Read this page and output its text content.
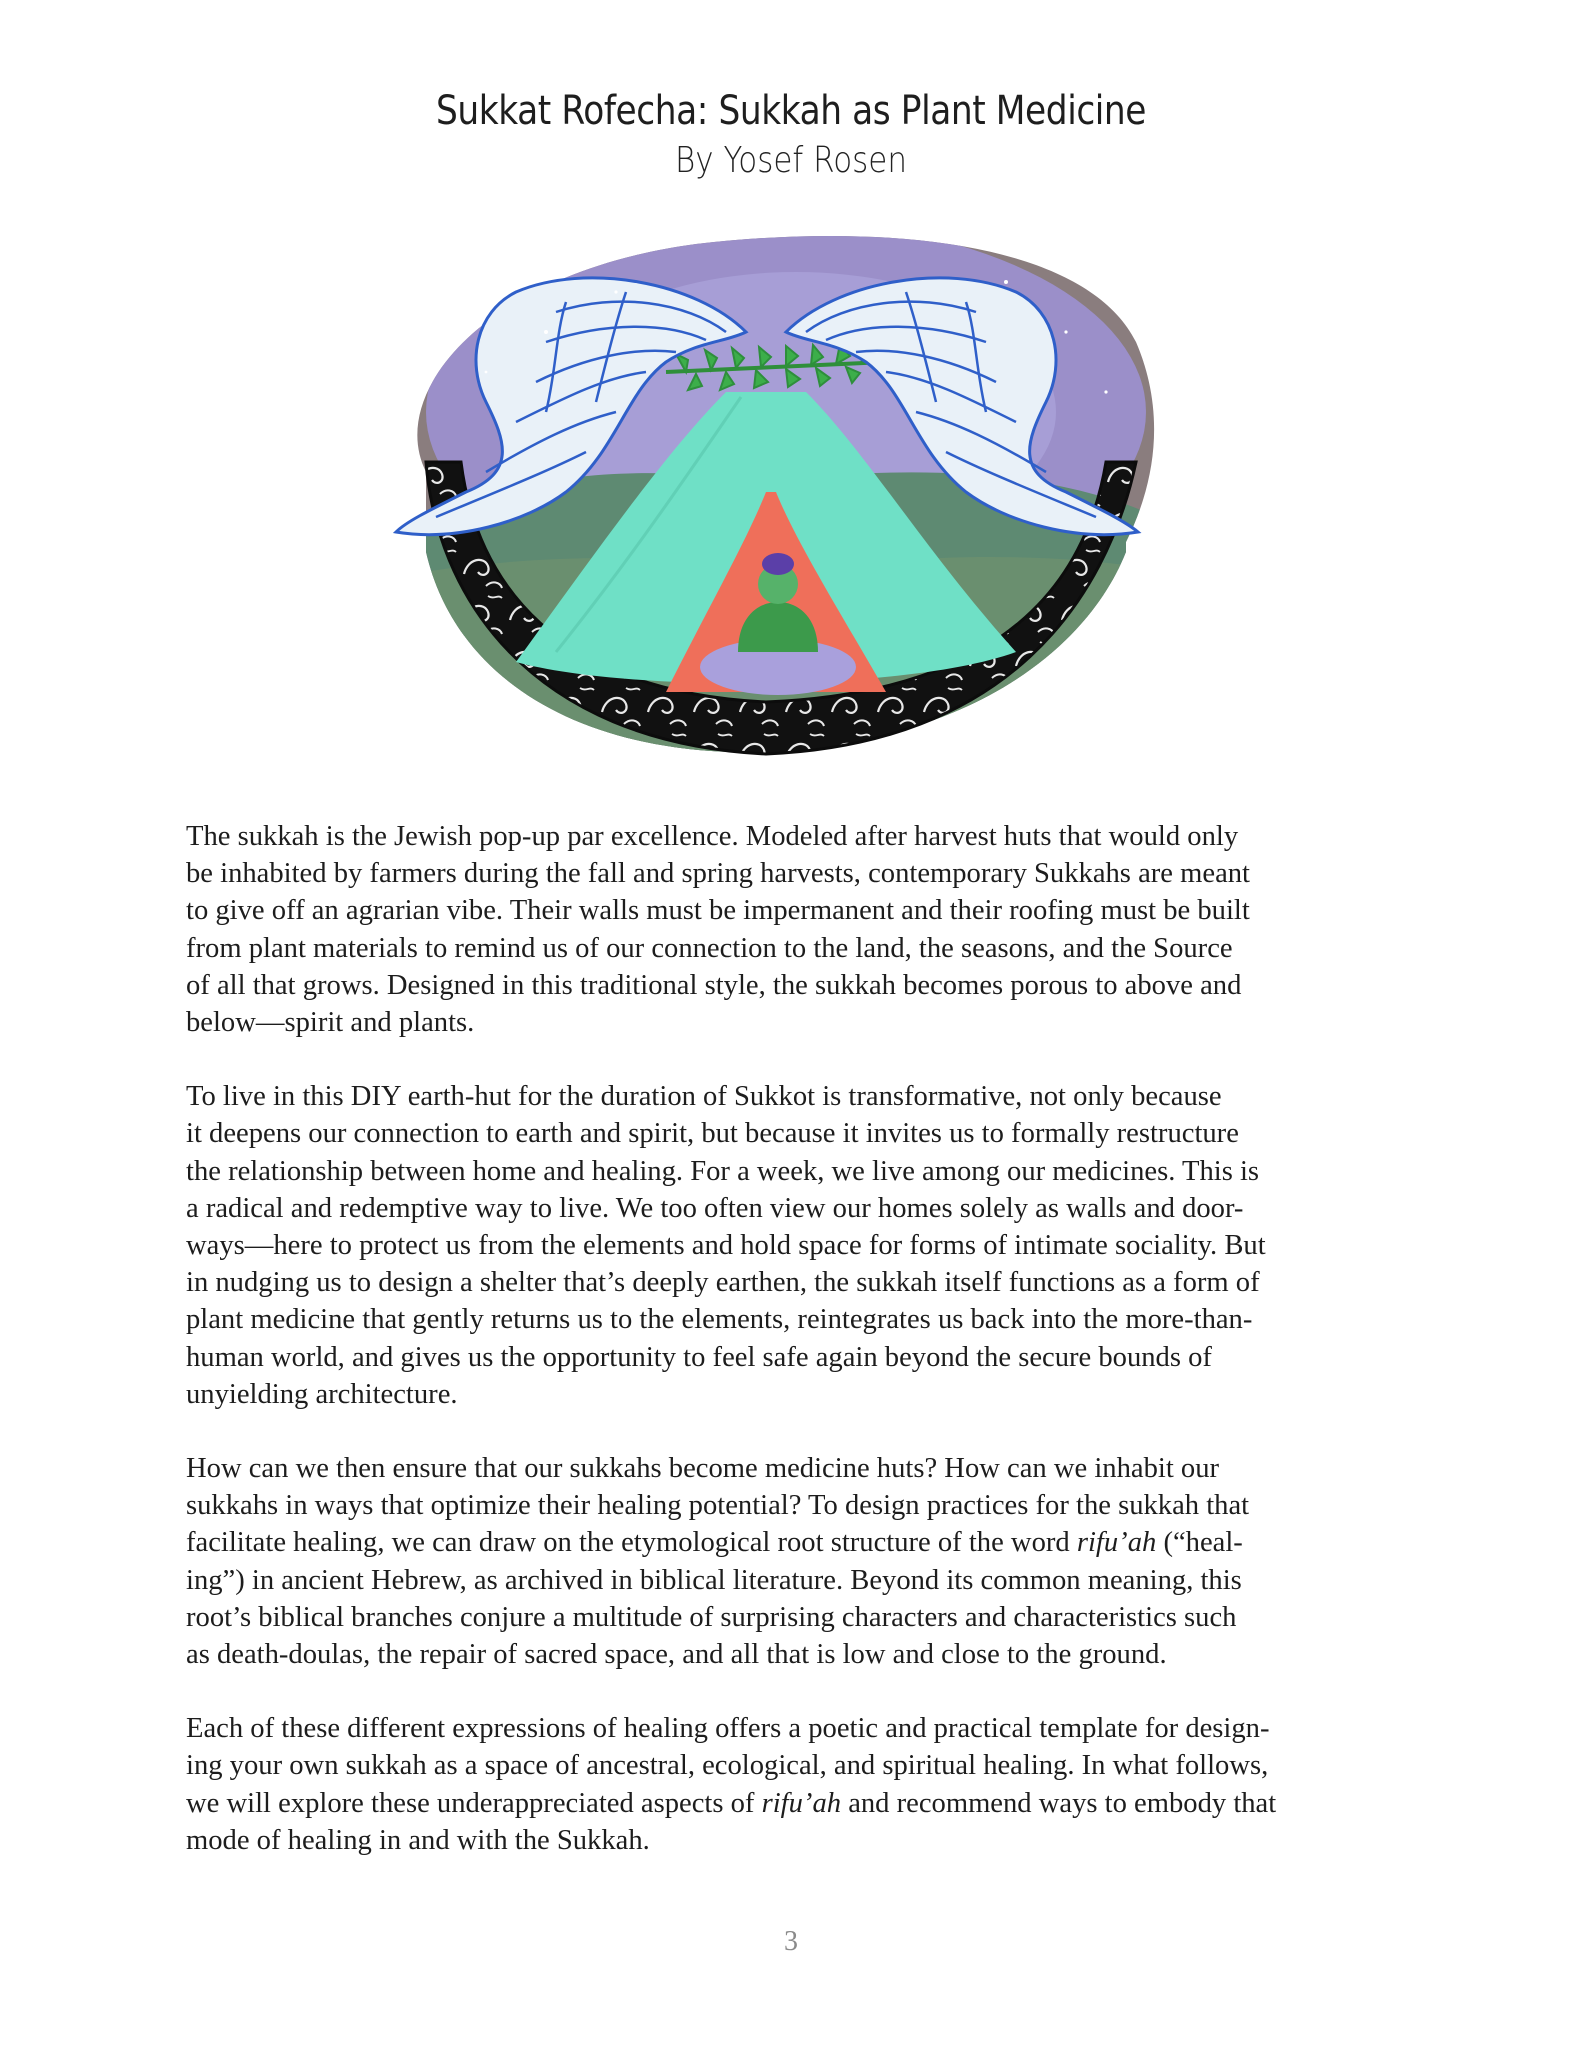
Sukkat Rofecha: Sukkah as Plant Medicine
By Yosef Rosen

The sukkah is the Jewish pop-up par excellence. Modeled after harvest huts that would only
be inhabited by farmers during the fall and spring harvests, contemporary Sukkahs are meant
to give off an agrarian vibe. Their walls must be impermanent and their roofing must be built
from plant materials to remind us of our connection to the land, the seasons, and the Source
of all that grows. Designed in this traditional style, the sukkah becomes porous to above and
below—spirit and plants.

To live in this DIY earth-hut for the duration of Sukkot is transformative, not only because
it deepens our connection to earth and spirit, but because it invites us to formally restructure
the relationship between home and healing. For a week, we live among our medicines. This is
a radical and redemptive way to live. We too often view our homes solely as walls and door-
ways—here to protect us from the elements and hold space for forms of intimate sociality. But
in nudging us to design a shelter that’s deeply earthen, the sukkah itself functions as a form of
plant medicine that gently returns us to the elements, reintegrates us back into the more-than-
human world, and gives us the opportunity to feel safe again beyond the secure bounds of
unyielding architecture.

How can we then ensure that our sukkahs become medicine huts? How can we inhabit our
sukkahs in ways that optimize their healing potential? To design practices for the sukkah that
facilitate healing, we can draw on the etymological root structure of the word rifu’ah (“heal-
ing”) in ancient Hebrew, as archived in biblical literature. Beyond its common meaning, this
root’s biblical branches conjure a multitude of surprising characters and characteristics such
as death-doulas, the repair of sacred space, and all that is low and close to the ground.

Each of these different expressions of healing offers a poetic and practical template for design-
ing your own sukkah as a space of ancestral, ecological, and spiritual healing. In what follows,
we will explore these underappreciated aspects of rifu’ah and recommend ways to embody that
mode of healing in and with the Sukkah.

3
